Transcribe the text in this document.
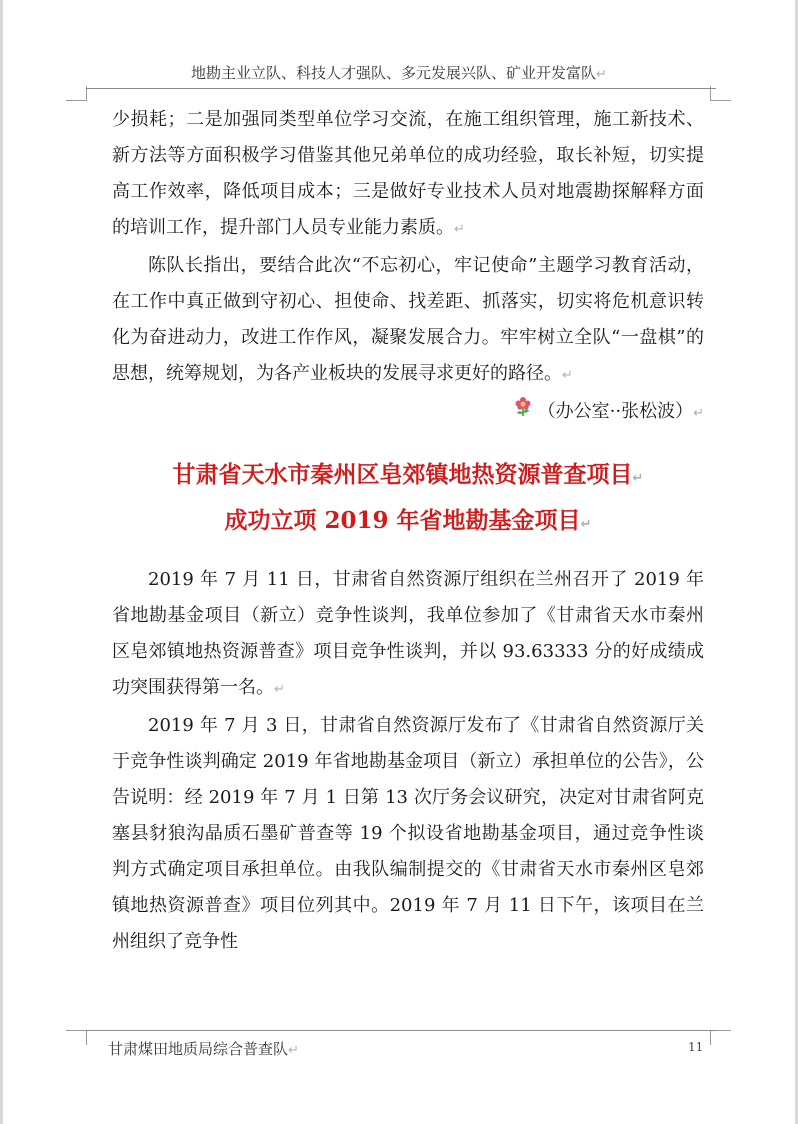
地勘主业立队、科技人才强队、多元发展兴队、矿业开发富队↵

少损耗；二是加强同类型单位学习交流，在施工组织管理，施工新技术、新方法等方面积极学习借鉴其他兄弟单位的成功经验，取长补短，切实提高工作效率，降低项目成本；三是做好专业技术人员对地震勘探解释方面的培训工作，提升部门人员专业能力素质。↵

陈队长指出，要结合此次“不忘初心，牢记使命”主题学习教育活动，在工作中真正做到守初心、担使命、找差距、抓落实，切实将危机意识转化为奋进动力，改进工作作风，凝聚发展合力。牢牢树立全队“一盘棋”的思想，统筹规划，为各产业板块的发展寻求更好的路径。↵

（办公室··张松波）↵

甘肃省天水市秦州区皂郊镇地热资源普查项目↵

成功立项 2019 年省地勘基金项目↵

2019 年 7 月 11 日，甘肃省自然资源厅组织在兰州召开了 2019 年省地勘基金项目（新立）竞争性谈判，我单位参加了《甘肃省天水市秦州区皂郊镇地热资源普查》项目竞争性谈判，并以 93.63333 分的好成绩成功突围获得第一名。↵

2019 年 7 月 3 日，甘肃省自然资源厅发布了《甘肃省自然资源厅关于竞争性谈判确定 2019 年省地勘基金项目（新立）承担单位的公告》，公告说明：经 2019 年 7 月 1 日第 13 次厅务会议研究，决定对甘肃省阿克塞县豺狼沟晶质石墨矿普查等 19 个拟设省地勘基金项目，通过竞争性谈判方式确定项目承担单位。由我队编制提交的《甘肃省天水市秦州区皂郊镇地热资源普查》项目位列其中。2019 年 7 月 11 日下午，该项目在兰州组织了竞争性

甘肃煤田地质局综合普查队↵	11
